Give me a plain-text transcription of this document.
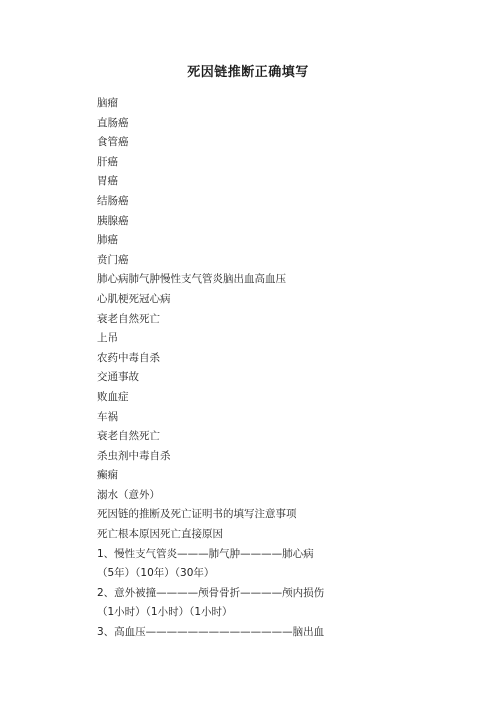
死因链推断正确填写
脑瘤
直肠癌
食管癌
肝癌
胃癌
结肠癌
胰腺癌
肺癌
贲门癌
肺心病肺气肿慢性支气管炎脑出血高血压
心肌梗死冠心病
衰老自然死亡
上吊
农药中毒自杀
交通事故
败血症
车祸
衰老自然死亡
杀虫剂中毒自杀
癫痫
溺水（意外）
死因链的推断及死亡证明书的填写注意事项
死亡根本原因死亡直接原因
1、慢性支气管炎———肺气肿————肺心病
（5年）（10年）（30年）
2、意外被撞————颅骨骨折————颅内损伤
（1小时）（1小时）（1小时）
3、高血压——————————————脑出血
